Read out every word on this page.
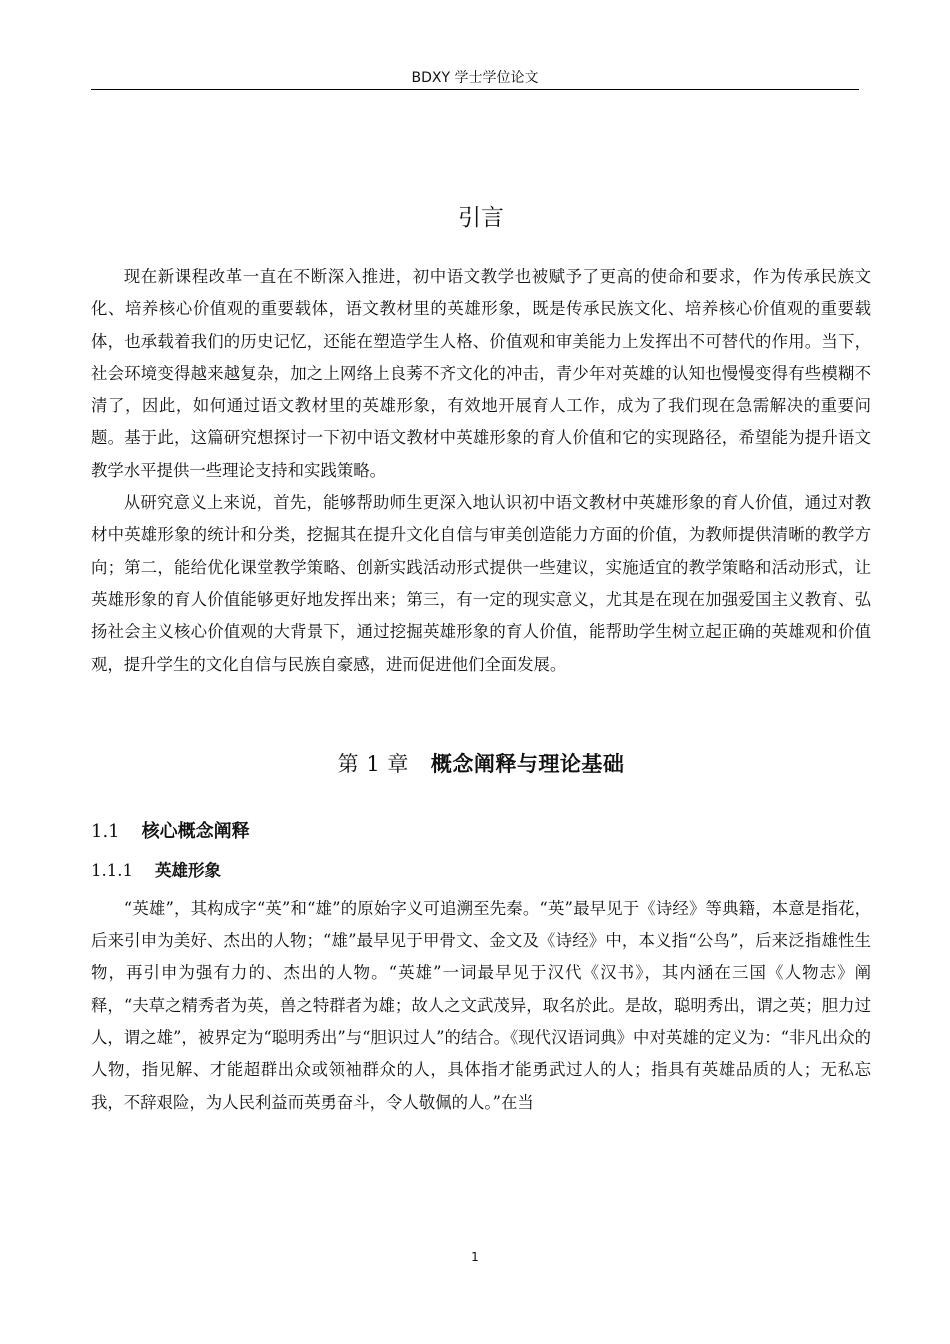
BDXY 学士学位论文
引言

现在新课程改革一直在不断深入推进，初中语文教学也被赋予了更高的使命和要求，作为传承民族文化、培养核心价值观的重要载体，语文教材里的英雄形象，既是传承民族文化、培养核心价值观的重要载体，也承载着我们的历史记忆，还能在塑造学生人格、价值观和审美能力上发挥出不可替代的作用。当下，社会环境变得越来越复杂，加之上网络上良莠不齐文化的冲击，青少年对英雄的认知也慢慢变得有些模糊不清了，因此，如何通过语文教材里的英雄形象，有效地开展育人工作，成为了我们现在急需解决的重要问题。基于此，这篇研究想探讨一下初中语文教材中英雄形象的育人价值和它的实现路径，希望能为提升语文教学水平提供一些理论支持和实践策略。

从研究意义上来说，首先，能够帮助师生更深入地认识初中语文教材中英雄形象的育人价值，通过对教材中英雄形象的统计和分类，挖掘其在提升文化自信与审美创造能力方面的价值，为教师提供清晰的教学方向；第二，能给优化课堂教学策略、创新实践活动形式提供一些建议，实施适宜的教学策略和活动形式，让英雄形象的育人价值能够更好地发挥出来；第三，有一定的现实意义，尤其是在现在加强爱国主义教育、弘扬社会主义核心价值观的大背景下，通过挖掘英雄形象的育人价值，能帮助学生树立起正确的英雄观和价值观，提升学生的文化自信与民族自豪感，进而促进他们全面发展。

第 1 章 概念阐释与理论基础
1.1 核心概念阐释
1.1.1 英雄形象

“英雄”，其构成字“英”和“雄”的原始字义可追溯至先秦。“英”最早见于《诗经》等典籍，本意是指花，后来引申为美好、杰出的人物；“雄”最早见于甲骨文、金文及《诗经》中，本义指“公鸟”，后来泛指雄性生物，再引申为强有力的、杰出的人物。“英雄”一词最早见于汉代《汉书》，其内涵在三国《人物志》阐释，“夫草之精秀者为英，兽之特群者为雄；故人之文武茂异，取名於此。是故，聪明秀出，谓之英；胆力过人，谓之雄”，被界定为“聪明秀出”与“胆识过人”的结合。《现代汉语词典》中对英雄的定义为：“非凡出众的人物，指见解、才能超群出众或领袖群众的人，具体指才能勇武过人的人；指具有英雄品质的人；无私忘我，不辞艰险，为人民利益而英勇奋斗，令人敬佩的人。”在当

1
